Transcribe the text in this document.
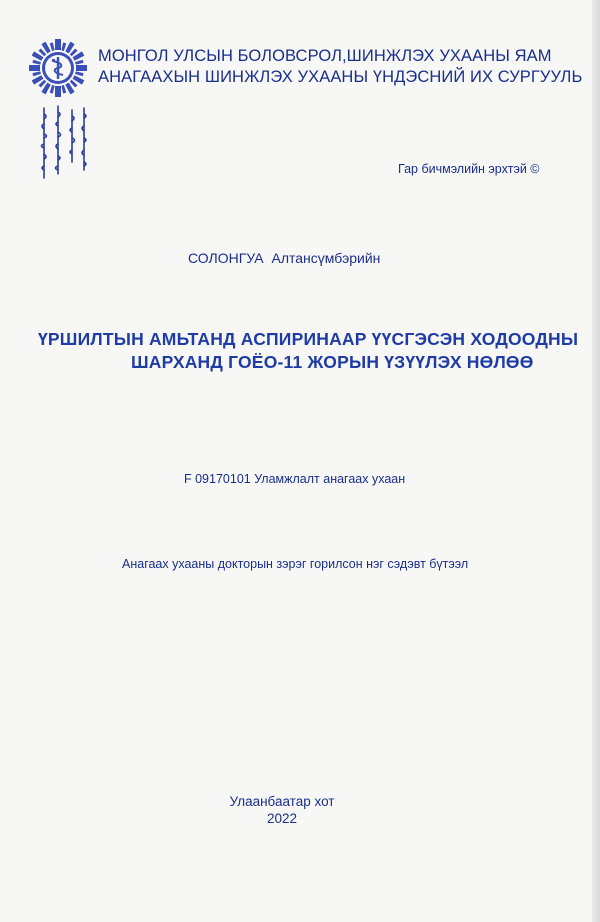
МОНГОЛ УЛСЫН БОЛОВСРОЛ,ШИНЖЛЭХ УХААНЫ ЯАМ
АНАГААХЫН ШИНЖЛЭХ УХААНЫ ҮНДЭСНИЙ ИХ СУРГУУЛЬ
Гар бичмэлийн эрхтэй ©
СОЛОНГУА Алтансүмбэрийн
ҮРШИЛТЫН АМЬТАНД АСПИРИНААР ҮҮСГЭСЭН ХОДООДНЫ
ШАРХАНД ГОЁО-11 ЖОРЫН ҮЗҮҮЛЭХ НӨЛӨӨ
F 09170101 Уламжлалт анагаах ухаан
Анагаах ухааны докторын зэрэг горилсон нэг сэдэвт бүтээл
Улаанбаатар хот
2022
